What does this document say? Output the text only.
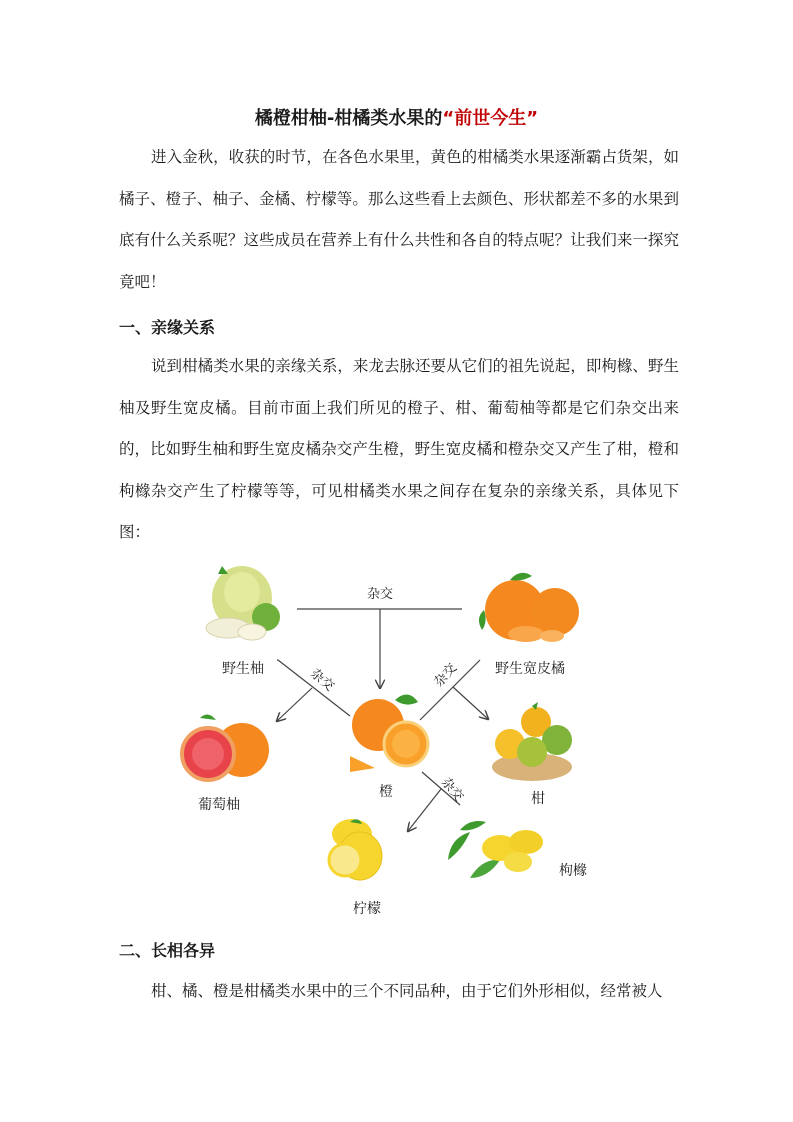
橘橙柑柚-柑橘类水果的“前世今生”

进入金秋，收获的时节，在各色水果里，黄色的柑橘类水果逐渐霸占货架，如橘子、橙子、柚子、金橘、柠檬等。那么这些看上去颜色、形状都差不多的水果到底有什么关系呢？这些成员在营养上有什么共性和各自的特点呢？让我们来一探究竟吧！

一、亲缘关系

说到柑橘类水果的亲缘关系，来龙去脉还要从它们的祖先说起，即枸橼、野生柚及野生宽皮橘。目前市面上我们所见的橙子、柑、葡萄柚等都是它们杂交出来的，比如野生柚和野生宽皮橘杂交产生橙，野生宽皮橘和橙杂交又产生了柑，橙和枸橼杂交产生了柠檬等等，可见柑橘类水果之间存在复杂的亲缘关系，具体见下图：

杂交
杂交	杂交
杂交
野生柚	野生宽皮橘
葡萄柚
橙	柑
柠檬
枸橼

二、长相各异

柑、橘、橙是柑橘类水果中的三个不同品种，由于它们外形相似，经常被人
